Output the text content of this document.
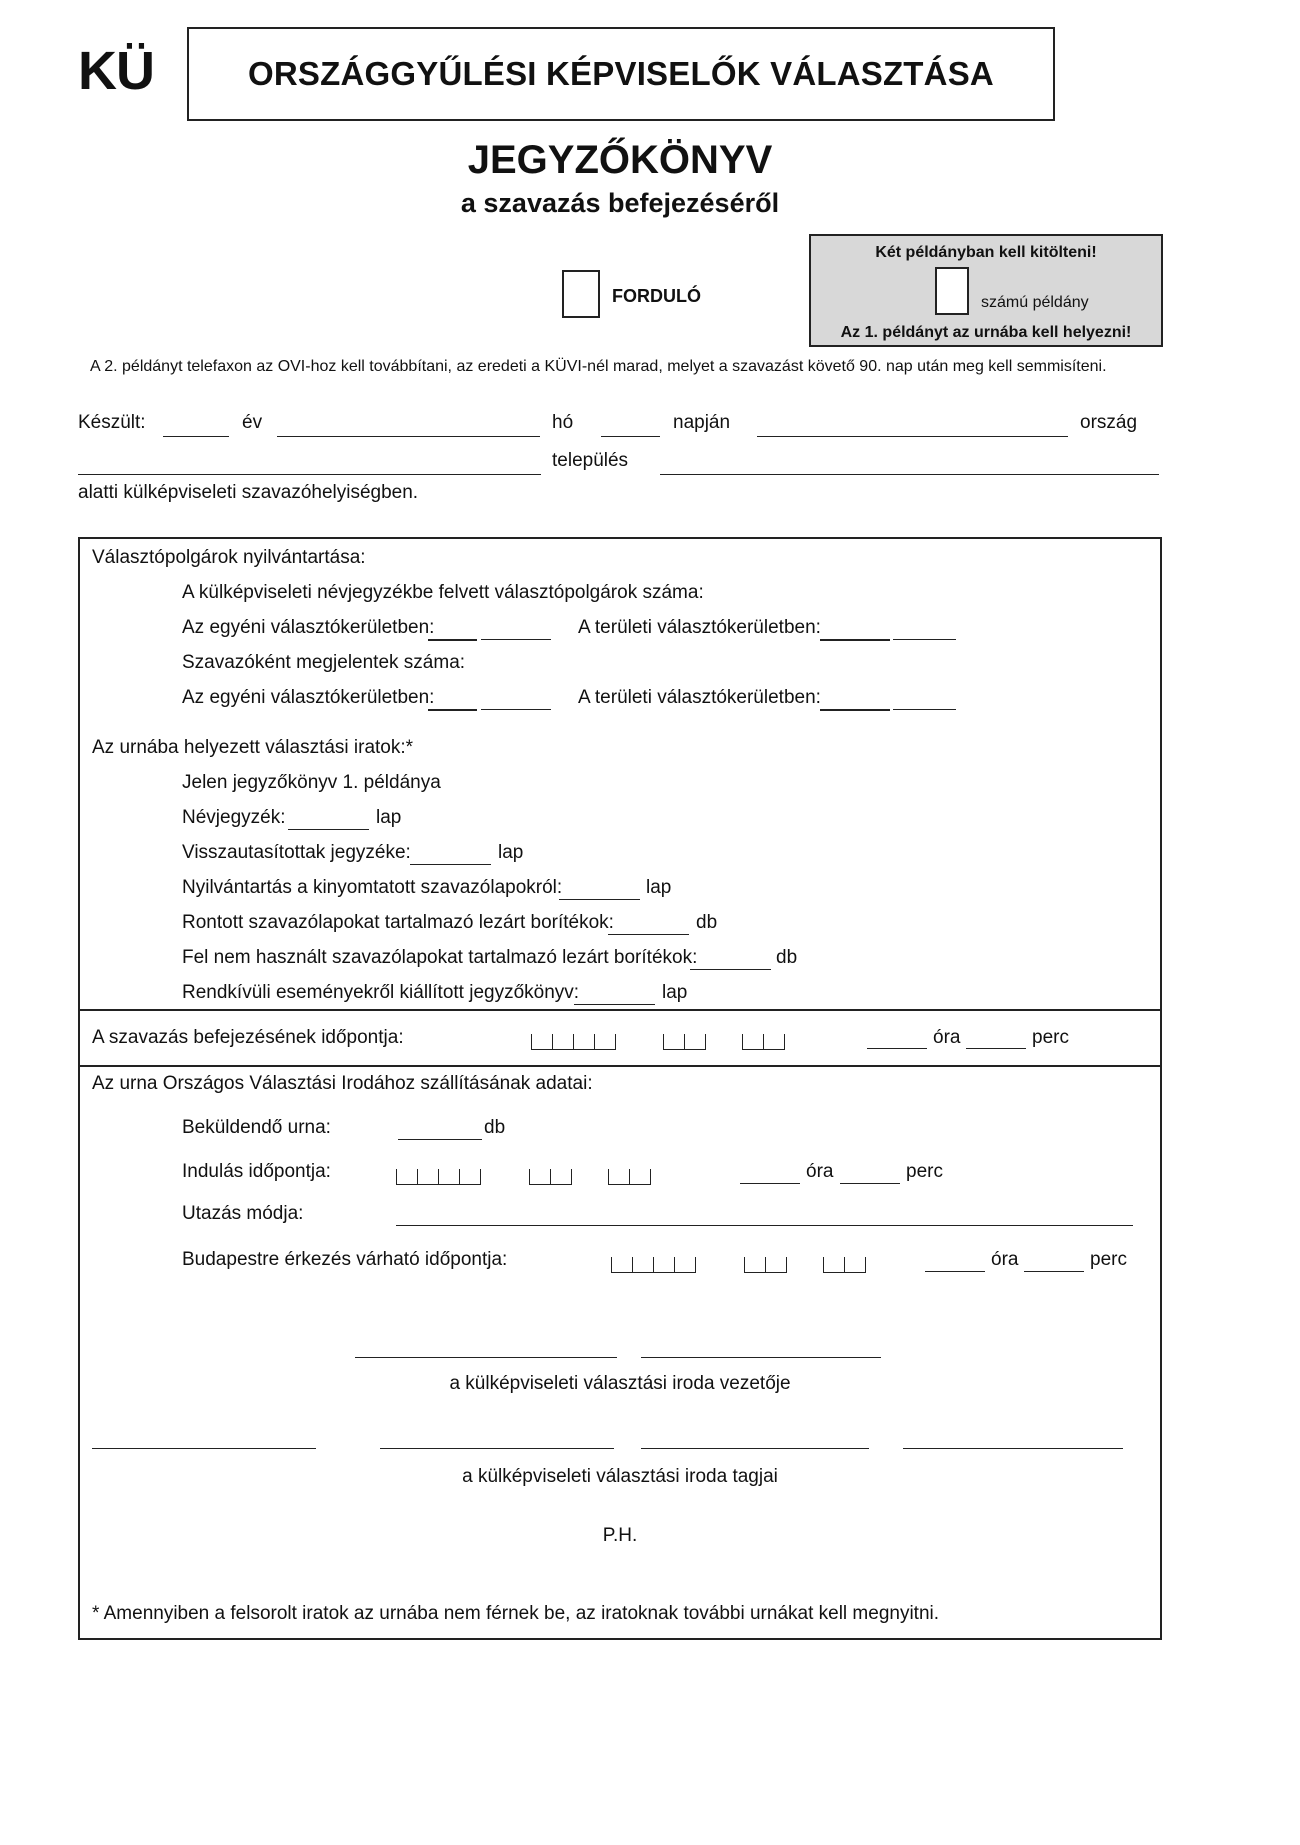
KÜ	ORSZÁGGYŰLÉSI KÉPVISELŐK VÁLASZTÁSA
JEGYZŐKÖNYV
a szavazás befejezéséről
FORDULÓ
Két példányban kell kitölteni!
számú példány
Az 1. példányt az urnába kell helyezni!
A 2. példányt telefaxon az OVI-hoz kell továbbítani, az eredeti a KÜVI-nél marad, melyet a szavazást követő 90. nap után meg kell semmisíteni.
Készült:	év	hó	napján	ország
település
alatti külképviseleti szavazóhelyiségben.
Választópolgárok nyilvántartása:
A külképviseleti névjegyzékbe felvett választópolgárok száma:
Az egyéni választókerületben:	A területi választókerületben:
Szavazóként megjelentek száma:
Az egyéni választókerületben:	A területi választókerületben:
Az urnába helyezett választási iratok:*
Jelen jegyzőkönyv 1. példánya
Névjegyzék:	lap
Visszautasítottak jegyzéke:	lap
Nyilvántartás a kinyomtatott szavazólapokról:	lap
Rontott szavazólapokat tartalmazó lezárt borítékok:	db
Fel nem használt szavazólapokat tartalmazó lezárt borítékok:	db
Rendkívüli eseményekről kiállított jegyzőkönyv:	lap
A szavazás befejezésének időpontja:	óra	perc
Az urna Országos Választási Irodához szállításának adatai:
Beküldendő urna:	db
Indulás időpontja:	óra	perc
Utazás módja:
Budapestre érkezés várható időpontja:	óra	perc
a külképviseleti választási iroda vezetője
a külképviseleti választási iroda tagjai
P.H.
* Amennyiben a felsorolt iratok az urnába nem férnek be, az iratoknak további urnákat kell megnyitni.
